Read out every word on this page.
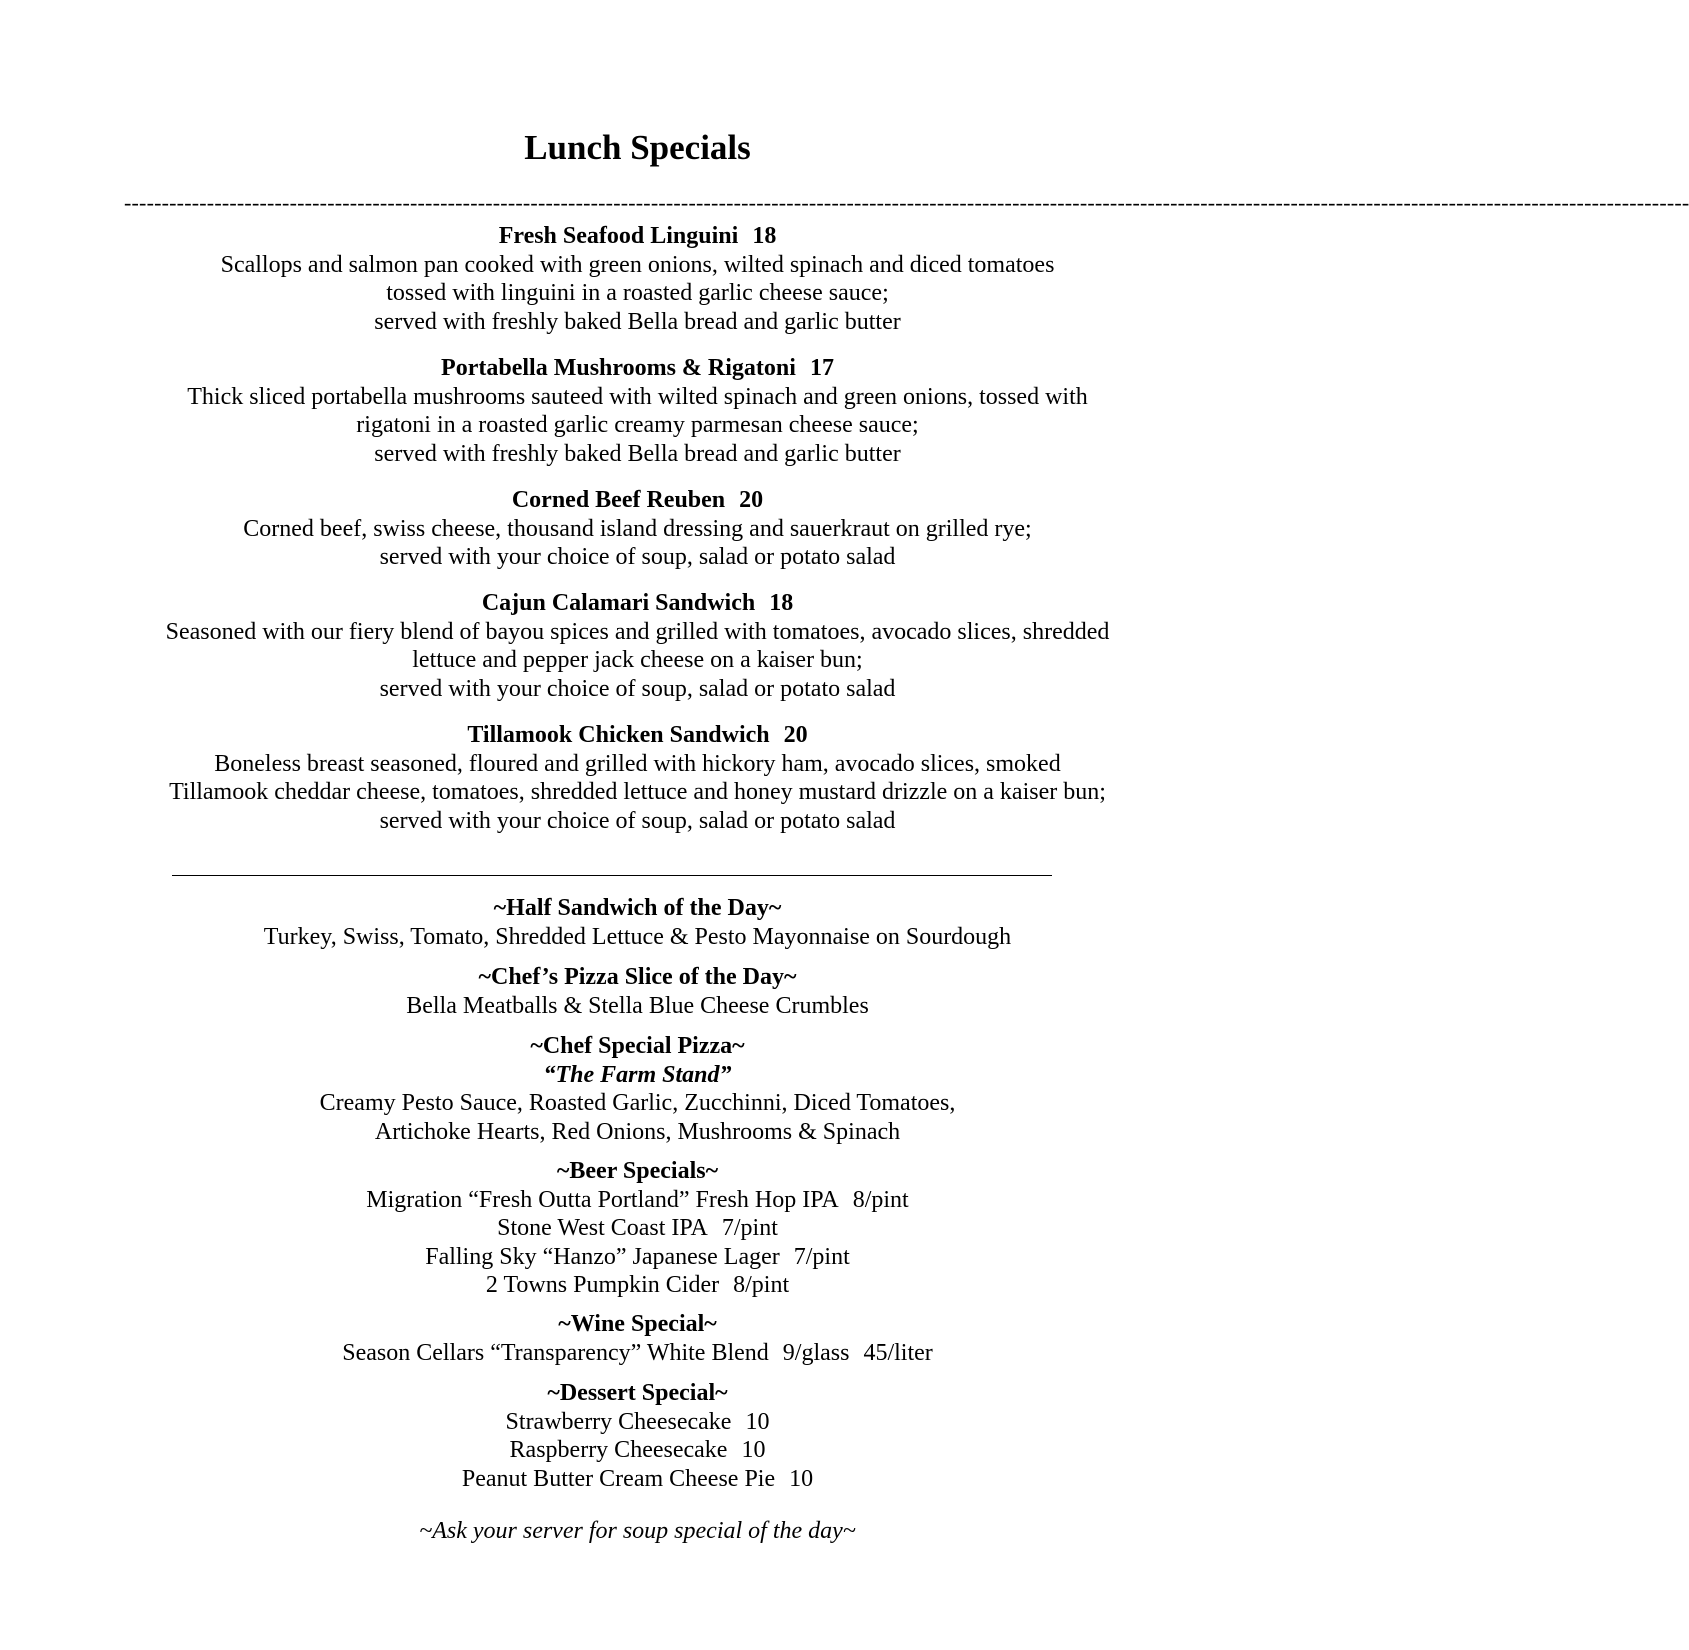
Lunch Specials
----------------------------------------------------------------------------------------------------------------------------------------------------------------------------------------------------------------
Fresh Seafood Linguini 18
Scallops and salmon pan cooked with green onions, wilted spinach and diced tomatoes
tossed with linguini in a roasted garlic cheese sauce;
served with freshly baked Bella bread and garlic butter
Portabella Mushrooms & Rigatoni 17
Thick sliced portabella mushrooms sauteed with wilted spinach and green onions, tossed with
rigatoni in a roasted garlic creamy parmesan cheese sauce;
served with freshly baked Bella bread and garlic butter
Corned Beef Reuben 20
Corned beef, swiss cheese, thousand island dressing and sauerkraut on grilled rye;
served with your choice of soup, salad or potato salad
Cajun Calamari Sandwich 18
Seasoned with our fiery blend of bayou spices and grilled with tomatoes, avocado slices, shredded
lettuce and pepper jack cheese on a kaiser bun;
served with your choice of soup, salad or potato salad
Tillamook Chicken Sandwich 20
Boneless breast seasoned, floured and grilled with hickory ham, avocado slices, smoked
Tillamook cheddar cheese, tomatoes, shredded lettuce and honey mustard drizzle on a kaiser bun;
served with your choice of soup, salad or potato salad
~Half Sandwich of the Day~
Turkey, Swiss, Tomato, Shredded Lettuce & Pesto Mayonnaise on Sourdough
~Chef’s Pizza Slice of the Day~
Bella Meatballs & Stella Blue Cheese Crumbles
~Chef Special Pizza~
“The Farm Stand”
Creamy Pesto Sauce, Roasted Garlic, Zucchinni, Diced Tomatoes,
Artichoke Hearts, Red Onions, Mushrooms & Spinach
~Beer Specials~
Migration “Fresh Outta Portland” Fresh Hop IPA 8/pint
Stone West Coast IPA 7/pint
Falling Sky “Hanzo” Japanese Lager 7/pint
2 Towns Pumpkin Cider 8/pint
~Wine Special~
Season Cellars “Transparency” White Blend 9/glass 45/liter
~Dessert Special~
Strawberry Cheesecake 10
Raspberry Cheesecake 10
Peanut Butter Cream Cheese Pie 10
~Ask your server for soup special of the day~
